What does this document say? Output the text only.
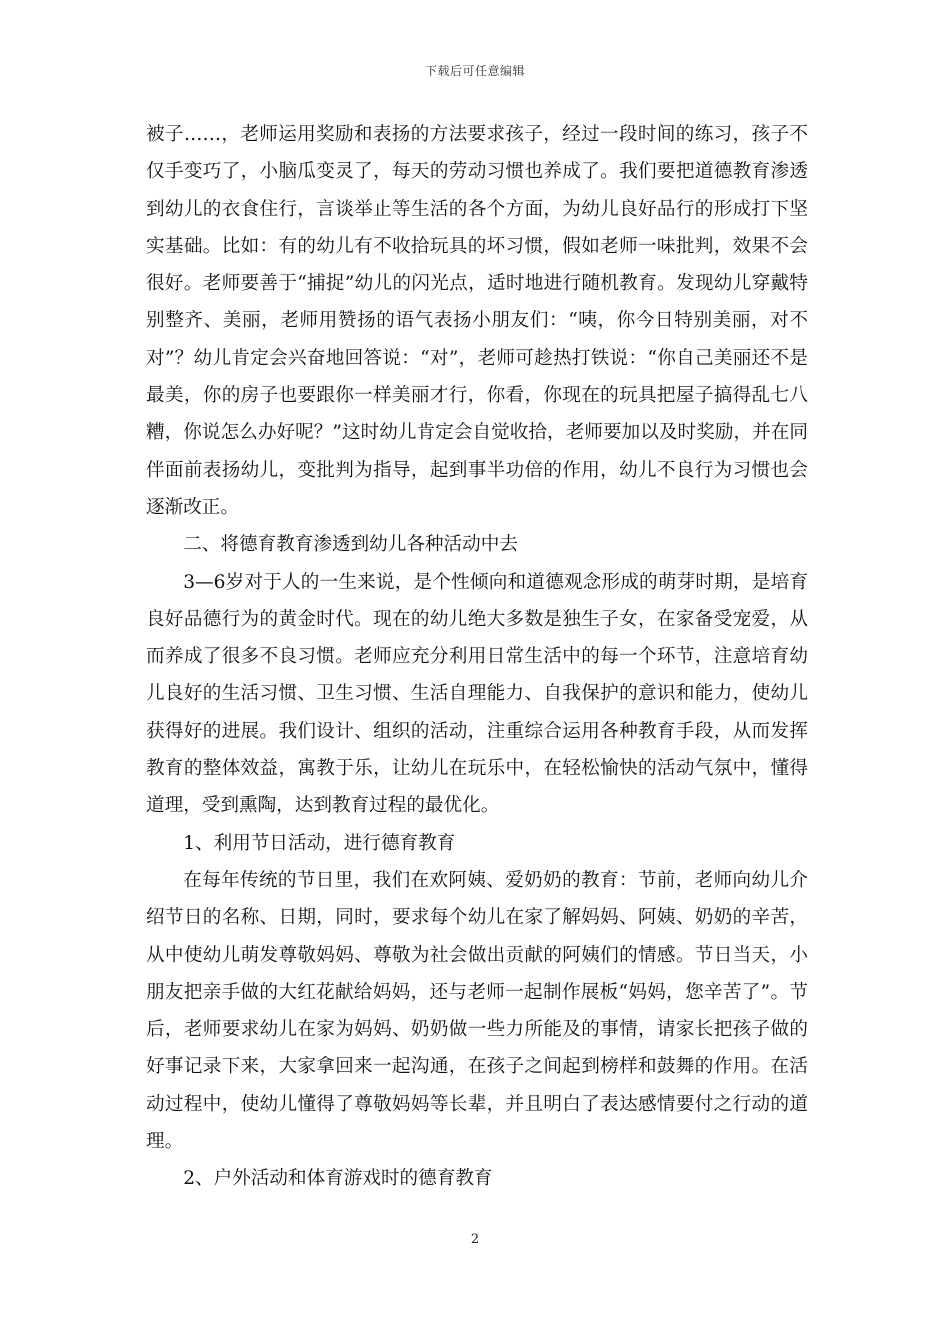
下载后可任意编辑

被子……，老师运用奖励和表扬的方法要求孩子，经过一段时间的练习，孩子不仅手变巧了，小脑瓜变灵了，每天的劳动习惯也养成了。我们要把道德教育渗透到幼儿的衣食住行，言谈举止等生活的各个方面，为幼儿良好品行的形成打下坚实基础。比如：有的幼儿有不收拾玩具的坏习惯，假如老师一味批判，效果不会很好。老师要善于“捕捉”幼儿的闪光点，适时地进行随机教育。发现幼儿穿戴特别整齐、美丽，老师用赞扬的语气表扬小朋友们：“咦，你今日特别美丽，对不对”？幼儿肯定会兴奋地回答说：“对”，老师可趁热打铁说：“你自己美丽还不是最美，你的房子也要跟你一样美丽才行，你看，你现在的玩具把屋子搞得乱七八糟，你说怎么办好呢？”这时幼儿肯定会自觉收拾，老师要加以及时奖励，并在同伴面前表扬幼儿，变批判为指导，起到事半功倍的作用，幼儿不良行为习惯也会逐渐改正。

二、将德育教育渗透到幼儿各种活动中去

3—6岁对于人的一生来说，是个性倾向和道德观念形成的萌芽时期，是培育良好品德行为的黄金时代。现在的幼儿绝大多数是独生子女，在家备受宠爱，从而养成了很多不良习惯。老师应充分利用日常生活中的每一个环节，注意培育幼儿良好的生活习惯、卫生习惯、生活自理能力、自我保护的意识和能力，使幼儿获得好的进展。我们设计、组织的活动，注重综合运用各种教育手段，从而发挥教育的整体效益，寓教于乐，让幼儿在玩乐中，在轻松愉快的活动气氛中，懂得道理，受到熏陶，达到教育过程的最优化。

1、利用节日活动，进行德育教育

在每年传统的节日里，我们在欢阿姨、爱奶奶的教育：节前，老师向幼儿介绍节日的名称、日期，同时，要求每个幼儿在家了解妈妈、阿姨、奶奶的辛苦，从中使幼儿萌发尊敬妈妈、尊敬为社会做出贡献的阿姨们的情感。节日当天，小朋友把亲手做的大红花献给妈妈，还与老师一起制作展板“妈妈，您辛苦了”。节后，老师要求幼儿在家为妈妈、奶奶做一些力所能及的事情，请家长把孩子做的好事记录下来，大家拿回来一起沟通，在孩子之间起到榜样和鼓舞的作用。在活动过程中，使幼儿懂得了尊敬妈妈等长辈，并且明白了表达感情要付之行动的道理。

2、户外活动和体育游戏时的德育教育

2
